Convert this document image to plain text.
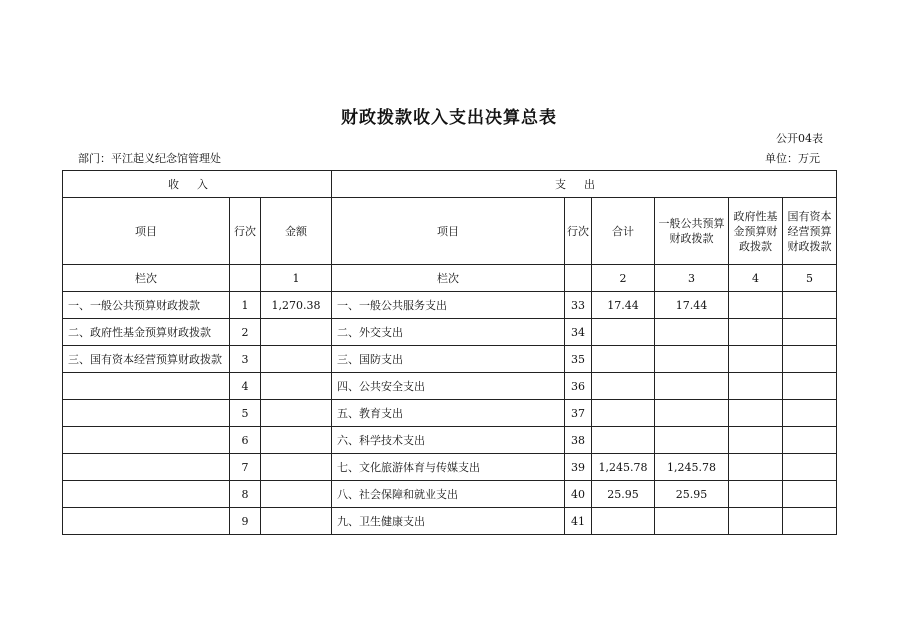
财政拨款收入支出决算总表
公开04表
部门：平江起义纪念馆管理处	单位：万元
收入			支出					
项目	行次	金额	项目	行次	合计	一般公共预算财政拨款	政府性基金预算财政拨款	国有资本经营预算财政拨款
栏次		1	栏次		2	3	4	5
一、一般公共预算财政拨款	1	1,270.38	一、一般公共服务支出	33	17.44	17.44		
二、政府性基金预算财政拨款	2		二、外交支出	34				
三、国有资本经营预算财政拨款	3		三、国防支出	35				
	4		四、公共安全支出	36				
	5		五、教育支出	37				
	6		六、科学技术支出	38				
	7		七、文化旅游体育与传媒支出	39	1,245.78	1,245.78		
	8		八、社会保障和就业支出	40	25.95	25.95		
	9		九、卫生健康支出	41				
